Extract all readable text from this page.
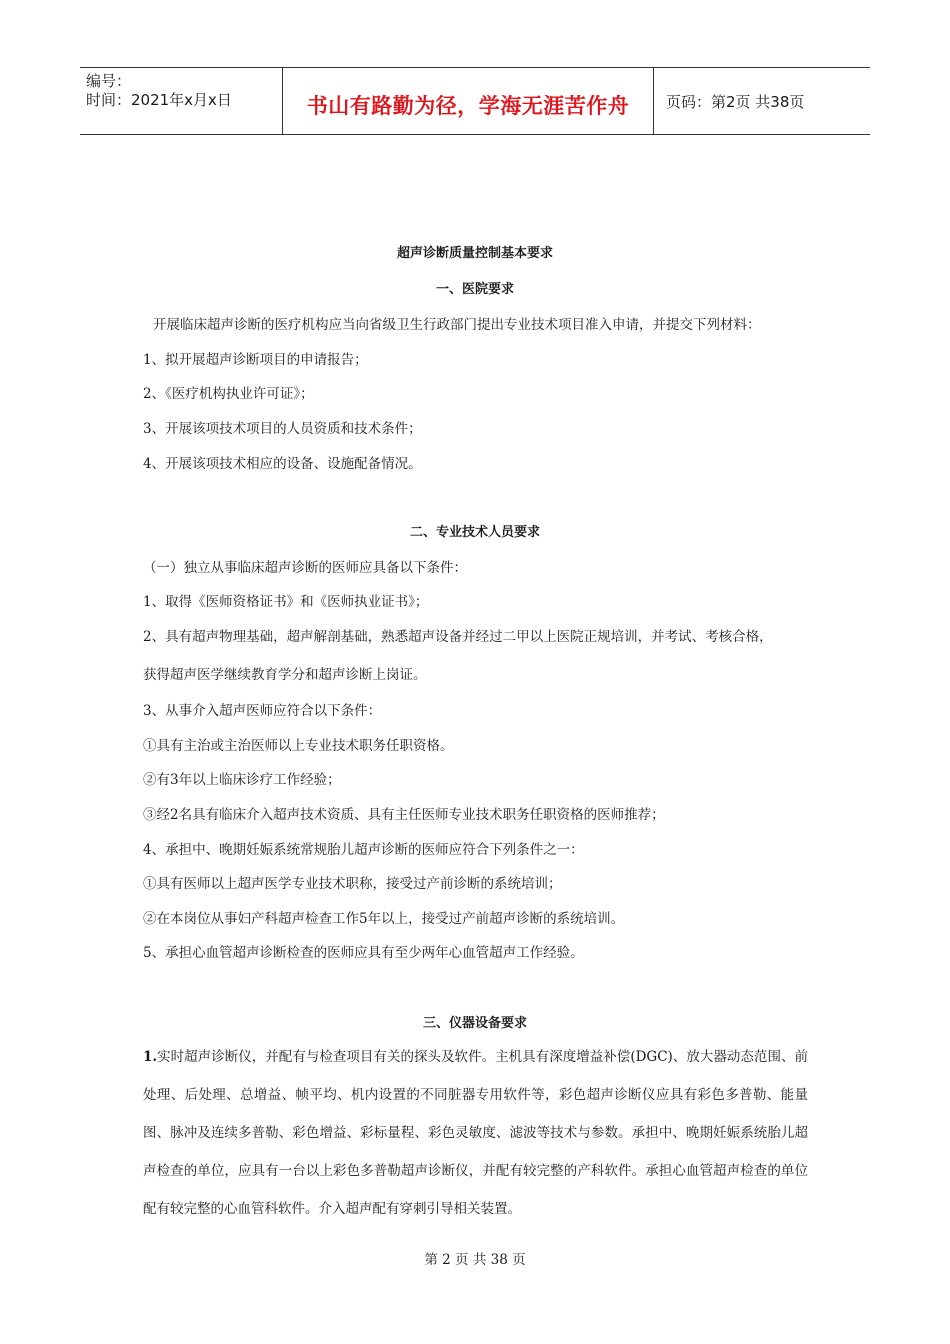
编号：
时间：2021年x月x日	书山有路勤为径，学海无涯苦作舟 页码：第2页 共38页
超声诊断质量控制基本要求
一、医院要求
开展临床超声诊断的医疗机构应当向省级卫生行政部门提出专业技术项目准入申请，并提交下列材料：
1、拟开展超声诊断项目的申请报告；
2、《医疗机构执业许可证》；
3、开展该项技术项目的人员资质和技术条件；
4、开展该项技术相应的设备、设施配备情况。
二、专业技术人员要求
（一）独立从事临床超声诊断的医师应具备以下条件：
1、取得《医师资格证书》和《医师执业证书》；
2、具有超声物理基础，超声解剖基础，熟悉超声设备并经过二甲以上医院正规培训，并考试、考核合格，
获得超声医学继续教育学分和超声诊断上岗证。
3、从事介入超声医师应符合以下条件：
①具有主治或主治医师以上专业技术职务任职资格。
②有3年以上临床诊疗工作经验；
③经2名具有临床介入超声技术资质、具有主任医师专业技术职务任职资格的医师推荐；
4、承担中、晚期妊娠系统常规胎儿超声诊断的医师应符合下列条件之一：
①具有医师以上超声医学专业技术职称，接受过产前诊断的系统培训；
②在本岗位从事妇产科超声检查工作5年以上，接受过产前超声诊断的系统培训。
5、承担心血管超声诊断检查的医师应具有至少两年心血管超声工作经验。
三、仪器设备要求
1.实时超声诊断仪，并配有与检查项目有关的探头及软件。主机具有深度增益补偿(DGC)、放大器动态范围、前处理、后处理、总增益、帧平均、机内设置的不同脏器专用软件等，彩色超声诊断仪应具有彩色多普勒、能量图、脉冲及连续多普勒、彩色增益、彩标量程、彩色灵敏度、滤波等技术与参数。承担中、晚期妊娠系统胎儿超声检查的单位，应具有一台以上彩色多普勒超声诊断仪，并配有较完整的产科软件。承担心血管超声检查的单位配有较完整的心血管科软件。介入超声配有穿刺引导相关装置。
第 2 页 共 38 页
